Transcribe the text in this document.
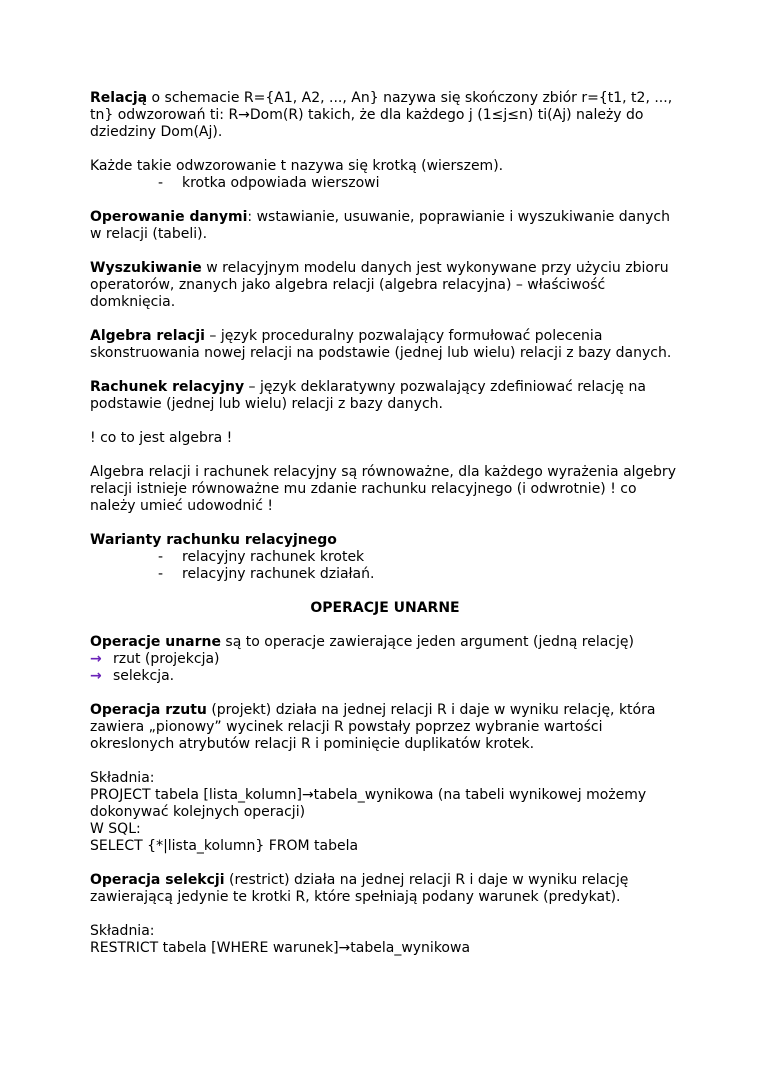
Relacją o schemacie R={A1, A2, ..., An} nazywa się skończony zbiór r={t1, t2, ..., tn} odwzorowań ti: R→Dom(R) takich, że dla każdego j (1≤j≤n) ti(Aj) należy do dziedziny Dom(Aj).

Każde takie odwzorowanie t nazywa się krotką (wierszem).

- krotka odpowiada wierszowi

Operowanie danymi: wstawianie, usuwanie, poprawianie i wyszukiwanie danych w relacji (tabeli).

Wyszukiwanie w relacyjnym modelu danych jest wykonywane przy użyciu zbioru operatorów, znanych jako algebra relacji (algebra relacyjna) – właściwość domknięcia.

Algebra relacji – język proceduralny pozwalający formułować polecenia skonstruowania nowej relacji na podstawie (jednej lub wielu) relacji z bazy danych.

Rachunek relacyjny – język deklaratywny pozwalający zdefiniować relację na podstawie (jednej lub wielu) relacji z bazy danych.

! co to jest algebra !

Algebra relacji i rachunek relacyjny są równoważne, dla każdego wyrażenia algebry relacji istnieje równoważne mu zdanie rachunku relacyjnego (i odwrotnie) ! co należy umieć udowodnić !

Warianty rachunku relacyjnego

- relacyjny rachunek krotek
- relacyjny rachunek działań.

OPERACJE UNARNE

Operacje unarne są to operacje zawierające jeden argument (jedną relację)

→ rzut (projekcja)
→ selekcja.

Operacja rzutu (projekt) działa na jednej relacji R i daje w wyniku relację, która zawiera „pionowy” wycinek relacji R powstały poprzez wybranie wartości okreslonych atrybutów relacji R i pominięcie duplikatów krotek.

Składnia:

PROJECT tabela [lista_kolumn]→tabela_wynikowa (na tabeli wynikowej możemy dokonywać kolejnych operacji)

W SQL:

SELECT {*|lista_kolumn} FROM tabela

Operacja selekcji (restrict) działa na jednej relacji R i daje w wyniku relację zawierającą jedynie te krotki R, które spełniają podany warunek (predykat).

Składnia:

RESTRICT tabela [WHERE warunek]→tabela_wynikowa
